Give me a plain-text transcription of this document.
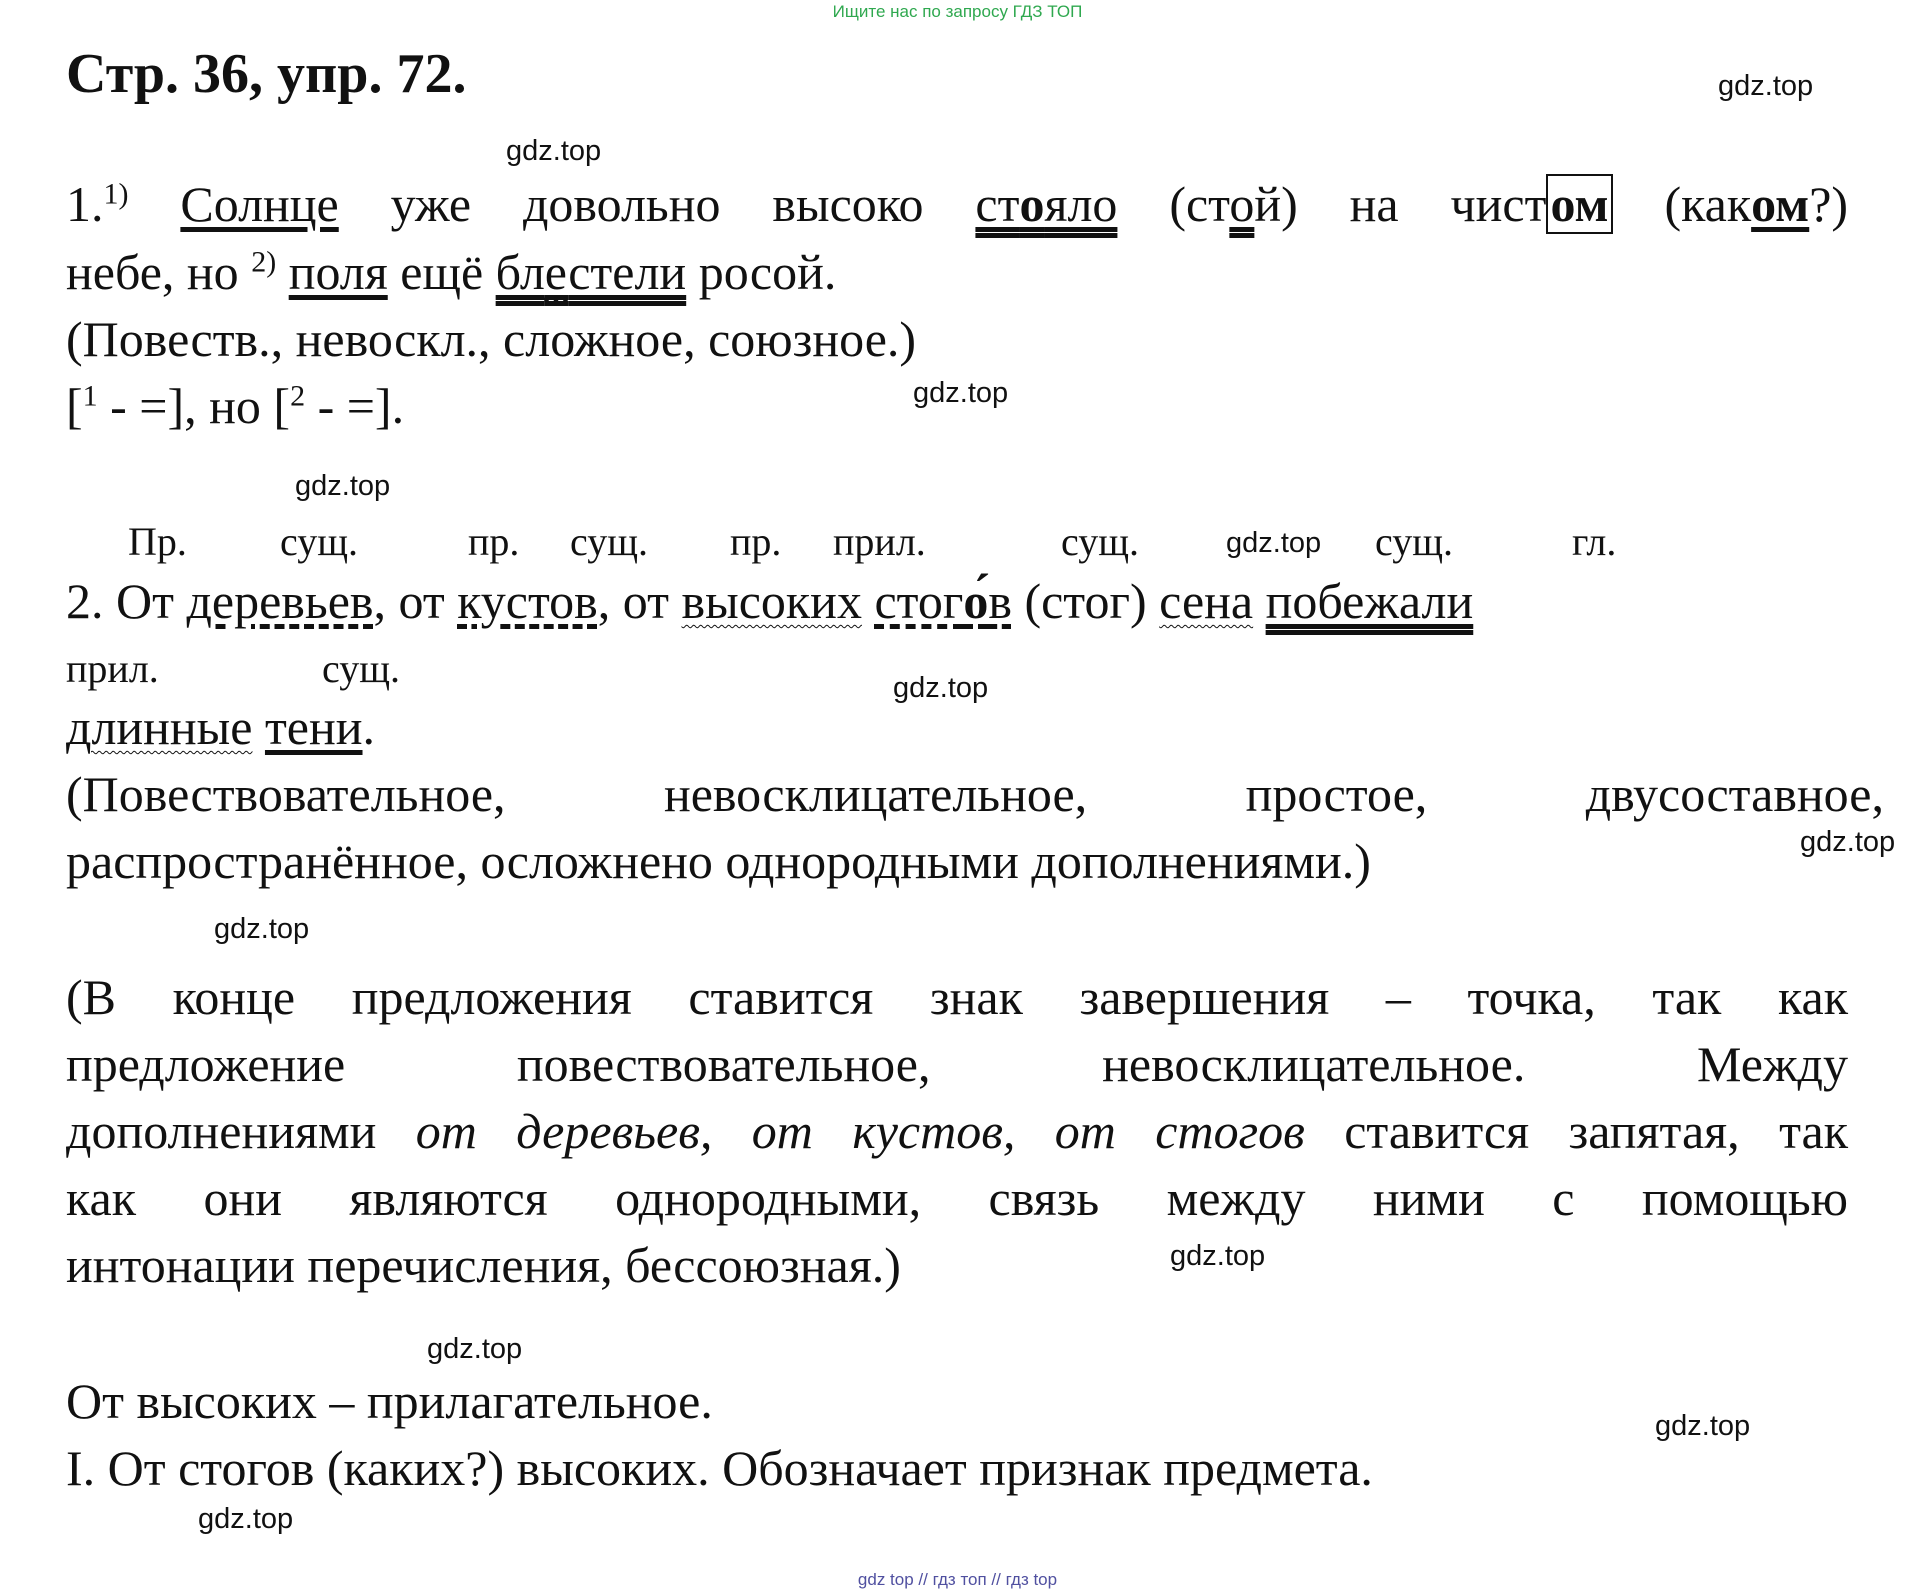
Ищите нас по запросу ГДЗ ТОП
Стр. 36, упр. 72.	gdz.top
gdz.top
gdz.top
gdz.top
gdz.top
gdz.top
gdz.top
gdz.top
gdz.top
gdz.top
gdz.top
gdz.top
1.$^{1)}$ Солнце уже довольно высоко стояло (стой) на чистом (каком?)
небе, но $^{2)}$ поля ещё блестели росой.
(Повеств., невоскл., сложное, союзное.)
[$^1$ - =], но [$^2$ - =].
Пр. сущ.	пр. сущ. пр. прил.	сущ.	сущ.	гл.
2. От деревьев, от кустов, от высоких стого́в (стог) сена побежали
прил.	сущ.
длинные тени.
(Повествовательное, невосклицательное, простое, двусоставное,
распространённое, осложнено однородными дополнениями.)
(В конце предложения ставится знак завершения – точка, так как
предложение повествовательное, невосклицательное. Между
дополнениями от деревьев, от кустов, от стогов ставится запятая, так
как они являются однородными, связь между ними с помощью
интонации перечисления, бессоюзная.)
От высоких – прилагательное.
I. От стогов (каких?) высоких. Обозначает признак предмета.
gdz top // гдз топ // гдз top
